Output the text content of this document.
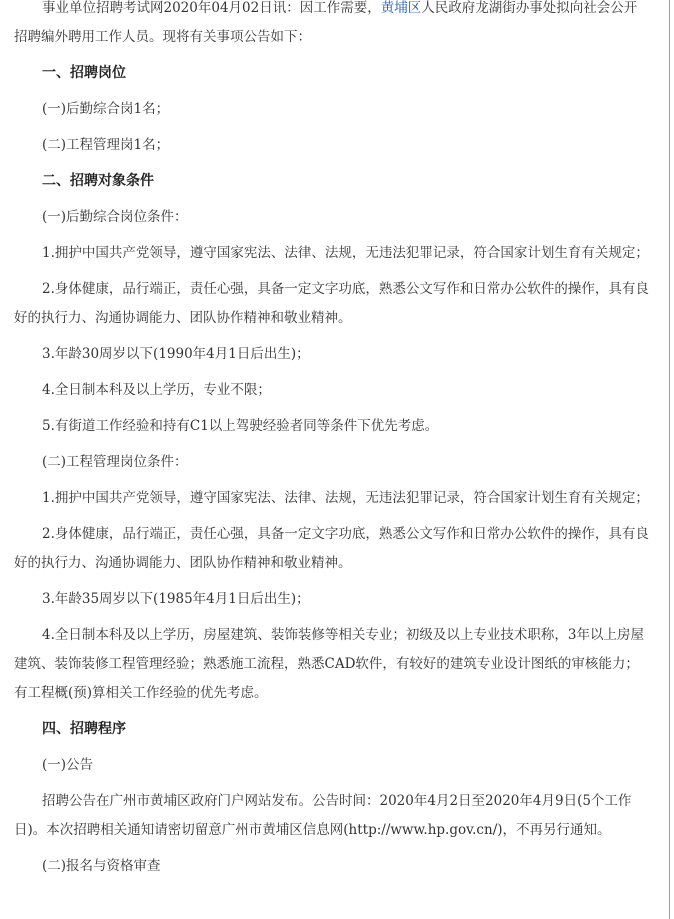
事业单位招聘考试网2020年04月02日讯：因工作需要，黄埔区人民政府龙湖街办事处拟向社会公开招聘编外聘用工作人员。现将有关事项公告如下：

一、招聘岗位

(一)后勤综合岗1名；

(二)工程管理岗1名；

二、招聘对象条件

(一)后勤综合岗位条件：

1.拥护中国共产党领导，遵守国家宪法、法律、法规，无违法犯罪记录，符合国家计划生育有关规定；

2.身体健康，品行端正，责任心强，具备一定文字功底，熟悉公文写作和日常办公软件的操作，具有良好的执行力、沟通协调能力、团队协作精神和敬业精神。

3.年龄30周岁以下(1990年4月1日后出生)；

4.全日制本科及以上学历，专业不限；

5.有街道工作经验和持有C1以上驾驶经验者同等条件下优先考虑。

(二)工程管理岗位条件：

1.拥护中国共产党领导，遵守国家宪法、法律、法规，无违法犯罪记录，符合国家计划生育有关规定；

2.身体健康，品行端正，责任心强，具备一定文字功底，熟悉公文写作和日常办公软件的操作，具有良好的执行力、沟通协调能力、团队协作精神和敬业精神。

3.年龄35周岁以下(1985年4月1日后出生)；

4.全日制本科及以上学历，房屋建筑、装饰装修等相关专业；初级及以上专业技术职称，3年以上房屋建筑、装饰装修工程管理经验；熟悉施工流程，熟悉CAD软件，有较好的建筑专业设计图纸的审核能力；有工程概(预)算相关工作经验的优先考虑。

四、招聘程序

(一)公告

招聘公告在广州市黄埔区政府门户网站发布。公告时间：2020年4月2日至2020年4月9日(5个工作日)。本次招聘相关通知请密切留意广州市黄埔区信息网(http://www.hp.gov.cn/)，不再另行通知。

(二)报名与资格审查
